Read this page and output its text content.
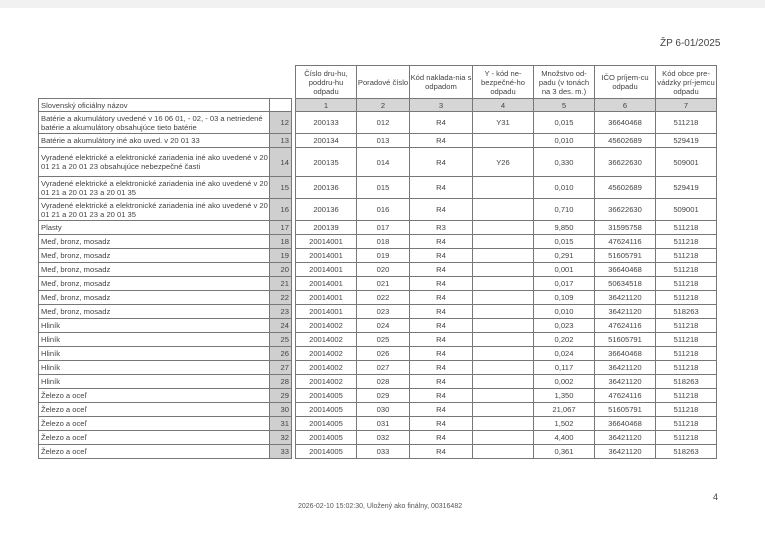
ŽP 6-01/2025
			Číslo dru-hu, poddru-hu odpadu	Poradové číslo	Kód naklada-nia s odpadom	Y - kód ne-bezpečné-ho odpadu	Množstvo od-padu (v tonách na 3 des. m.)	IČO príjem-cu odpadu	Kód obce pre-vádzky prí-jemcu odpadu
Slovenský oficiálny názov			1	2	3	4	5	6	7
Batérie a akumulátory uvedené v 16 06 01, - 02, - 03 a netriedené batérie a akumulátory obsahujúce tieto batérie	12		200133	012	R4	Y31	0,015	36640468	511218
Batérie a akumulátory iné ako uved. v 20 01 33	13		200134	013	R4		0,010	45602689	529419
Vyradené elektrické a elektronické zariadenia iné ako uvedené v 20 01 21 a 20 01 23 obsahujúce nebezpečné časti	14		200135	014	R4	Y26	0,330	36622630	509001
Vyradené elektrické a elektronické zariadenia iné ako uvedené v 20 01 21 a 20 01 23 a 20 01 35	15		200136	015	R4		0,010	45602689	529419
Vyradené elektrické a elektronické zariadenia iné ako uvedené v 20 01 21 a 20 01 23 a 20 01 35	16		200136	016	R4		0,710	36622630	509001
Plasty	17		200139	017	R3		9,850	31595758	511218
Meď, bronz, mosadz	18		20014001	018	R4		0,015	47624116	511218
Meď, bronz, mosadz	19		20014001	019	R4		0,291	51605791	511218
Meď, bronz, mosadz	20		20014001	020	R4		0,001	36640468	511218
Meď, bronz, mosadz	21		20014001	021	R4		0,017	50634518	511218
Meď, bronz, mosadz	22		20014001	022	R4		0,109	36421120	511218
Meď, bronz, mosadz	23		20014001	023	R4		0,010	36421120	518263
Hliník	24		20014002	024	R4		0,023	47624116	511218
Hliník	25		20014002	025	R4		0,202	51605791	511218
Hliník	26		20014002	026	R4		0,024	36640468	511218
Hliník	27		20014002	027	R4		0,117	36421120	511218
Hliník	28		20014002	028	R4		0,002	36421120	518263
Železo a oceľ	29		20014005	029	R4		1,350	47624116	511218
Železo a oceľ	30		20014005	030	R4		21,067	51605791	511218
Železo a oceľ	31		20014005	031	R4		1,502	36640468	511218
Železo a oceľ	32		20014005	032	R4		4,400	36421120	511218
Železo a oceľ	33		20014005	033	R4		0,361	36421120	518263
4
2026-02-10 15:02:30, Uložený ako finálny, 00316482
